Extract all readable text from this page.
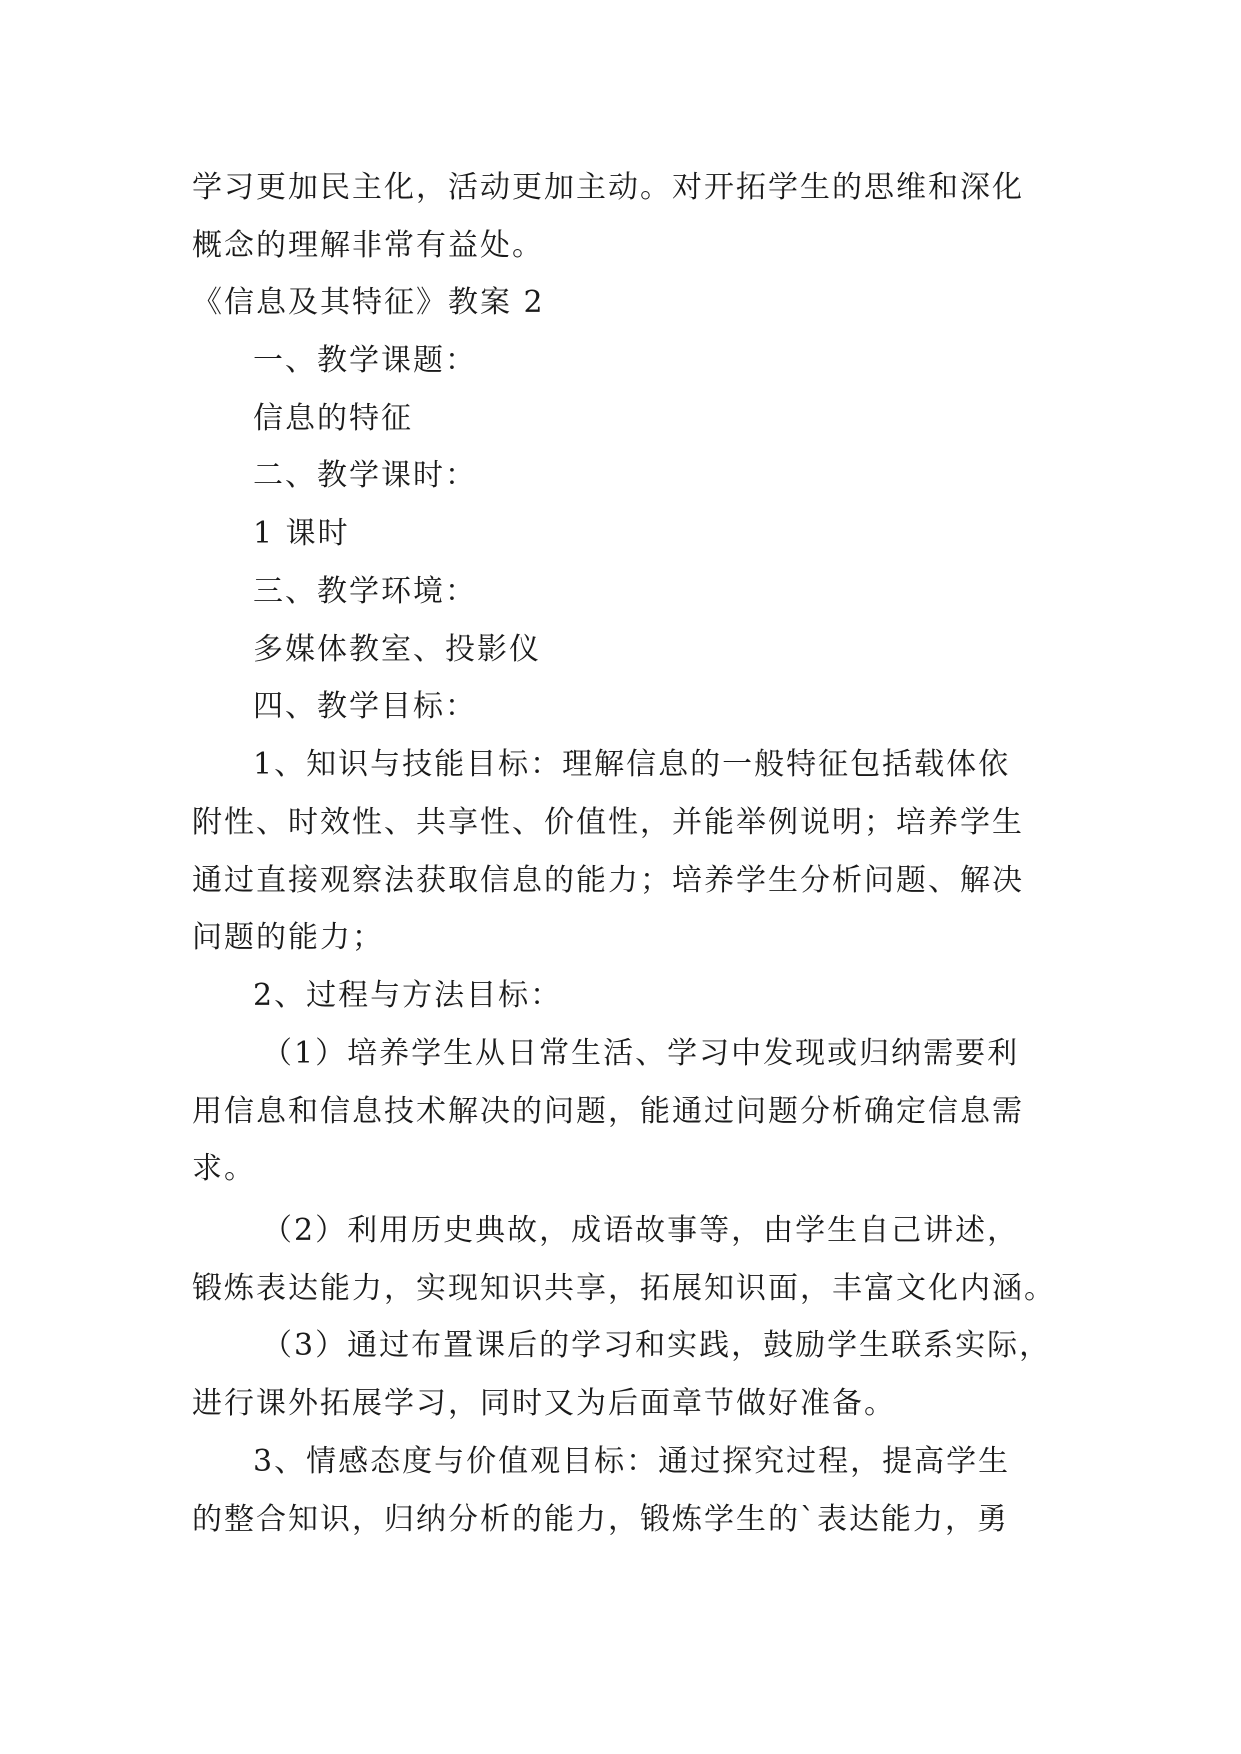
学习更加民主化，活动更加主动。对开拓学生的思维和深化
概念的理解非常有益处。
《信息及其特征》教案 2
一、教学课题：
信息的特征
二、教学课时：
1 课时
三、教学环境：
多媒体教室、投影仪
四、教学目标：
1、知识与技能目标：理解信息的一般特征包括载体依
附性、时效性、共享性、价值性，并能举例说明；培养学生
通过直接观察法获取信息的能力；培养学生分析问题、解决
问题的能力；
2、过程与方法目标：
（1）培养学生从日常生活、学习中发现或归纳需要利
用信息和信息技术解决的问题，能通过问题分析确定信息需
求。
（2）利用历史典故，成语故事等，由学生自己讲述，
锻炼表达能力，实现知识共享，拓展知识面，丰富文化内涵。
（3）通过布置课后的学习和实践，鼓励学生联系实际，
进行课外拓展学习，同时又为后面章节做好准备。
3、情感态度与价值观目标：通过探究过程，提高学生
的整合知识，归纳分析的能力，锻炼学生的`表达能力，勇
